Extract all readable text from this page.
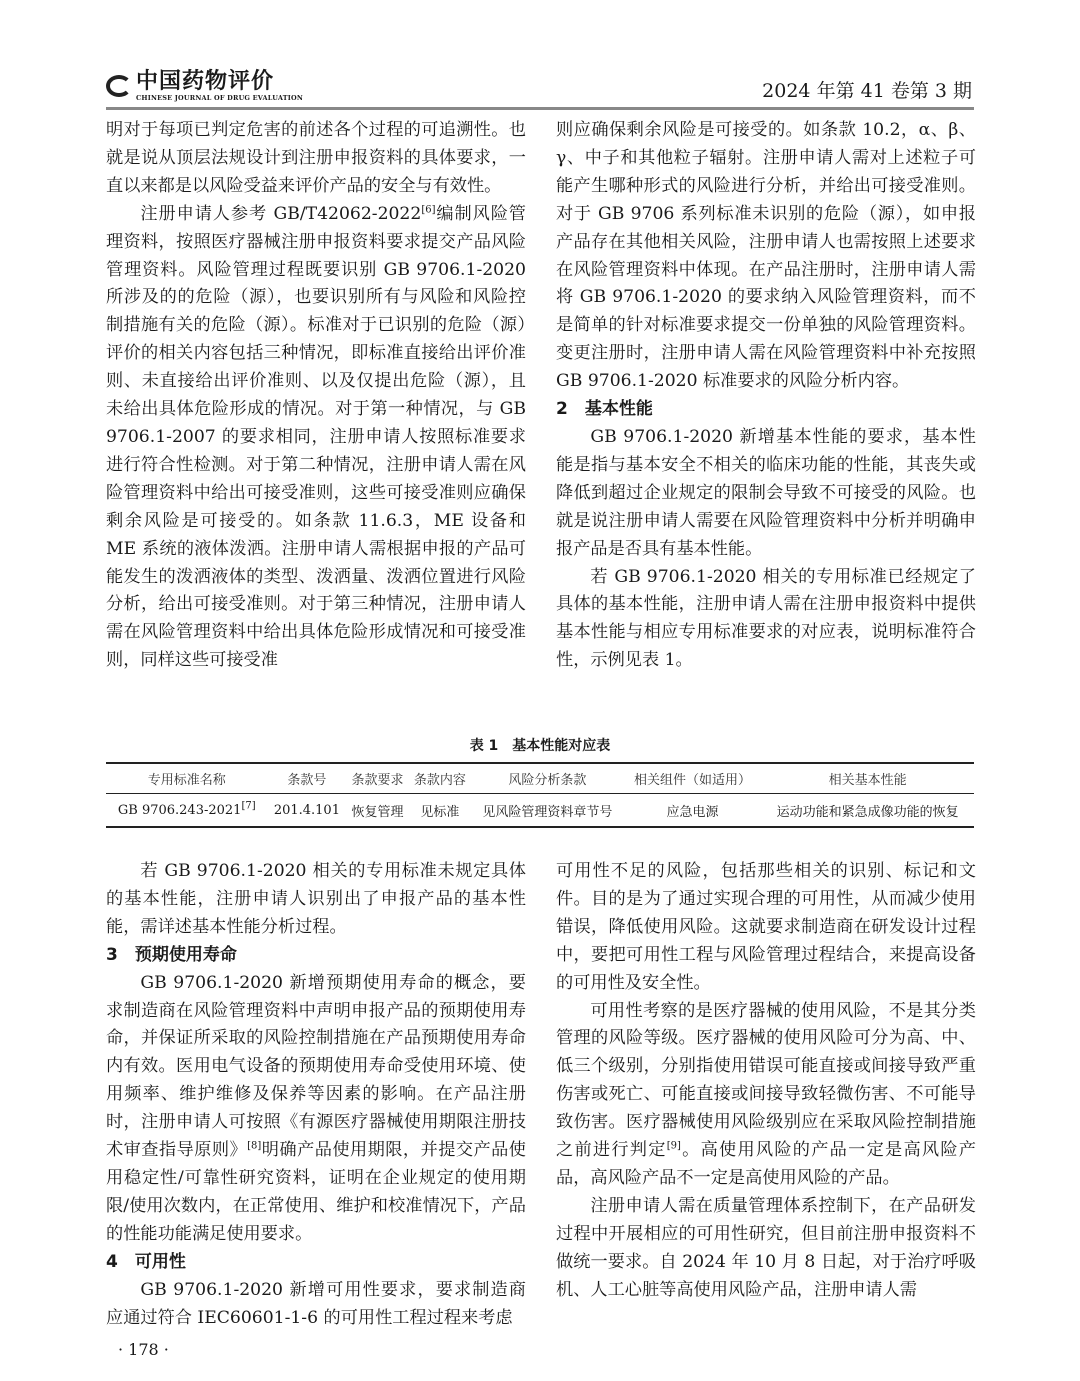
中国药物评价
CHINESE JOURNAL OF DRUG EVALUATION	2024 年第 41 卷第 3 期

明对于每项已判定危害的前述各个过程的可追溯性。也就是说从顶层法规设计到注册申报资料的具体要求，一直以来都是以风险受益来评价产品的安全与有效性。

注册申请人参考 GB/T42062-2022[6]编制风险管理资料，按照医疗器械注册申报资料要求提交产品风险管理资料。风险管理过程既要识别 GB 9706.1-2020 所涉及的的危险（源），也要识别所有与风险和风险控制措施有关的危险（源）。标准对于已识别的危险（源）评价的相关内容包括三种情况，即标准直接给出评价准则、未直接给出评价准则、以及仅提出危险（源），且未给出具体危险形成的情况。对于第一种情况，与 GB 9706.1-2007 的要求相同，注册申请人按照标准要求进行符合性检测。对于第二种情况，注册申请人需在风险管理资料中给出可接受准则，这些可接受准则应确保剩余风险是可接受的。如条款 11.6.3，ME 设备和 ME 系统的液体泼洒。注册申请人需根据申报的产品可能发生的泼洒液体的类型、泼洒量、泼洒位置进行风险分析，给出可接受准则。对于第三种情况，注册申请人需在风险管理资料中给出具体危险形成情况和可接受准则，同样这些可接受准

则应确保剩余风险是可接受的。如条款 10.2，α、β、γ、中子和其他粒子辐射。注册申请人需对上述粒子可能产生哪种形式的风险进行分析，并给出可接受准则。对于 GB 9706 系列标准未识别的危险（源），如申报产品存在其他相关风险，注册申请人也需按照上述要求在风险管理资料中体现。在产品注册时，注册申请人需将 GB 9706.1-2020 的要求纳入风险管理资料，而不是简单的针对标准要求提交一份单独的风险管理资料。变更注册时，注册申请人需在风险管理资料中补充按照 GB 9706.1-2020 标准要求的风险分析内容。

2　基本性能

GB 9706.1-2020 新增基本性能的要求，基本性能是指与基本安全不相关的临床功能的性能，其丧失或降低到超过企业规定的限制会导致不可接受的风险。也就是说注册申请人需要在风险管理资料中分析并明确申报产品是否具有基本性能。

若 GB 9706.1-2020 相关的专用标准已经规定了具体的基本性能，注册申请人需在注册申报资料中提供基本性能与相应专用标准要求的对应表，说明标准符合性，示例见表 1。

表 1　基本性能对应表
专用标准名称	条款号	条款要求	条款内容	风险分析条款	相关组件（如适用）	相关基本性能
GB 9706.243-2021[7]	201.4.101	恢复管理	见标准	见风险管理资料章节号	应急电源	运动功能和紧急成像功能的恢复

若 GB 9706.1-2020 相关的专用标准未规定具体的基本性能，注册申请人识别出了申报产品的基本性能，需详述基本性能分析过程。

3　预期使用寿命

GB 9706.1-2020 新增预期使用寿命的概念，要求制造商在风险管理资料中声明申报产品的预期使用寿命，并保证所采取的风险控制措施在产品预期使用寿命内有效。医用电气设备的预期使用寿命受使用环境、使用频率、维护维修及保养等因素的影响。在产品注册时，注册申请人可按照《有源医疗器械使用期限注册技术审查指导原则》[8]明确产品使用期限，并提交产品使用稳定性/可靠性研究资料，证明在企业规定的使用期限/使用次数内，在正常使用、维护和校准情况下，产品的性能功能满足使用要求。

4　可用性

GB 9706.1-2020 新增可用性要求，要求制造商应通过符合 IEC60601-1-6 的可用性工程过程来考虑

可用性不足的风险，包括那些相关的识别、标记和文件。目的是为了通过实现合理的可用性，从而减少使用错误，降低使用风险。这就要求制造商在研发设计过程中，要把可用性工程与风险管理过程结合，来提高设备的可用性及安全性。

可用性考察的是医疗器械的使用风险，不是其分类管理的风险等级。医疗器械的使用风险可分为高、中、低三个级别，分别指使用错误可能直接或间接导致严重伤害或死亡、可能直接或间接导致轻微伤害、不可能导致伤害。医疗器械使用风险级别应在采取风险控制措施之前进行判定[9]。高使用风险的产品一定是高风险产品，高风险产品不一定是高使用风险的产品。

注册申请人需在质量管理体系控制下，在产品研发过程中开展相应的可用性研究，但目前注册申报资料不做统一要求。自 2024 年 10 月 8 日起，对于治疗呼吸机、人工心脏等高使用风险产品，注册申请人需

· 178 ·
